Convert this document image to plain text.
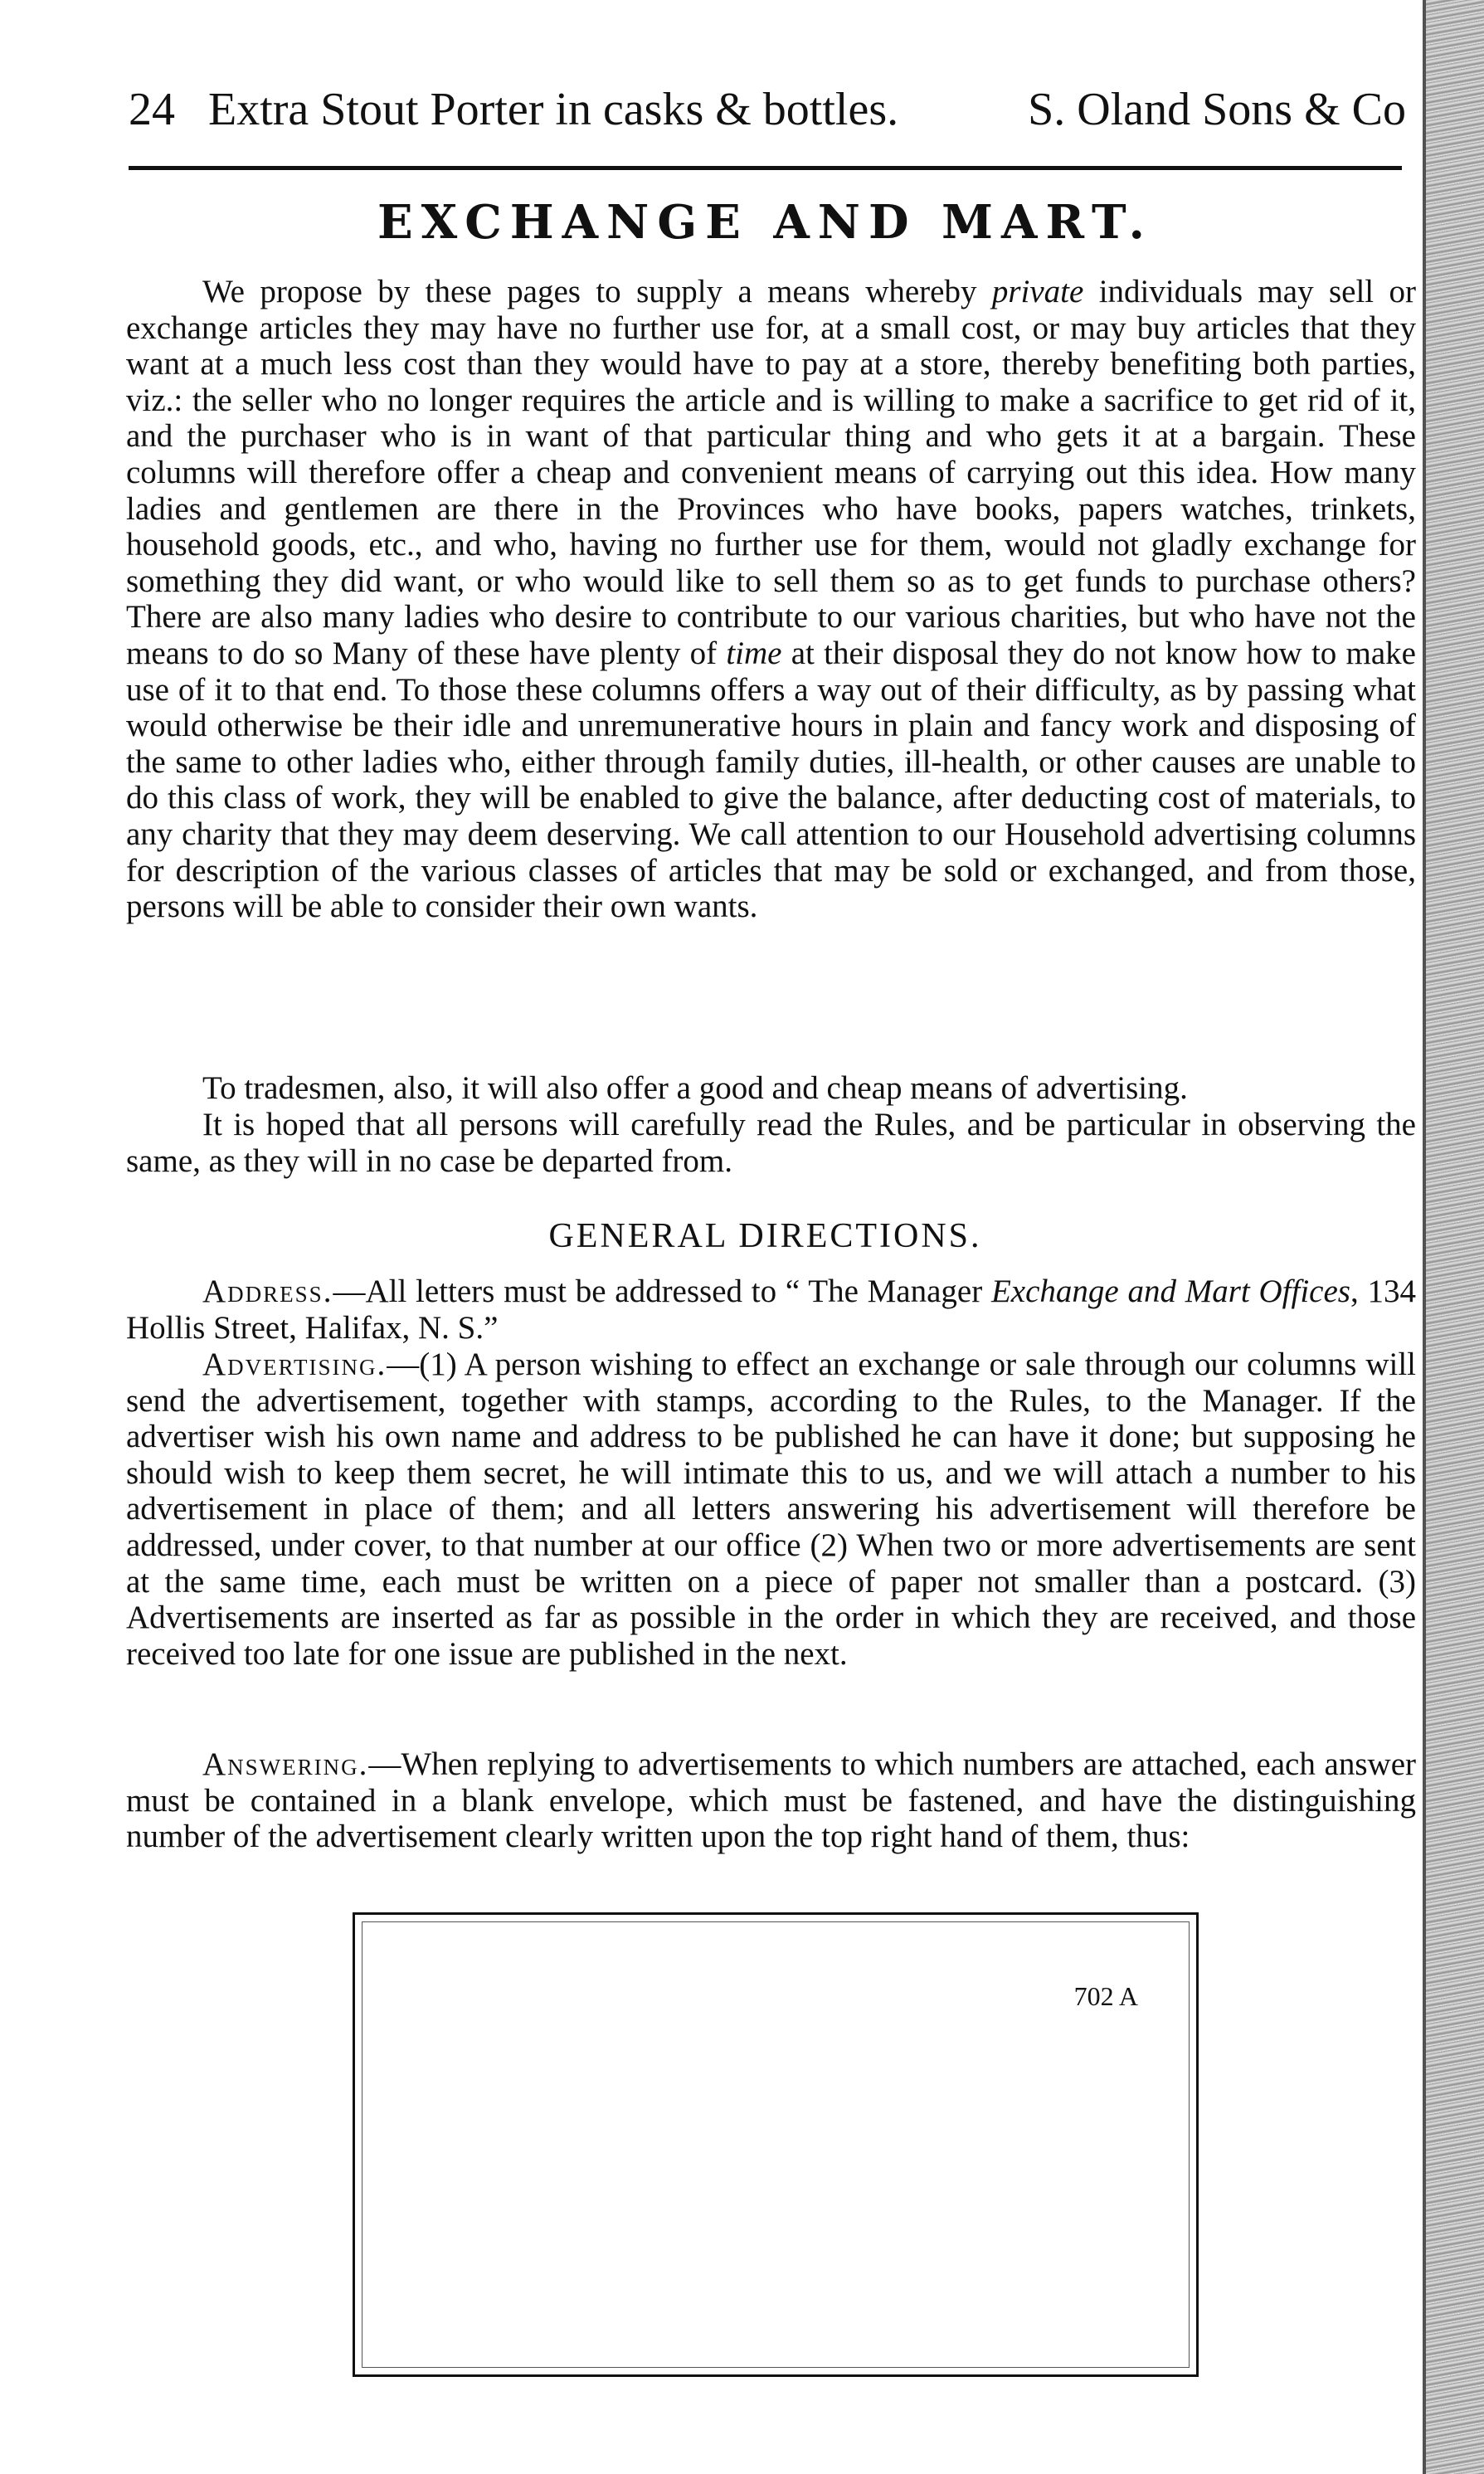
24 Extra Stout Porter in casks & bottles.	S. Oland Sons & Co
EXCHANGE AND MART.

We propose by these pages to supply a means whereby private individuals may sell or exchange articles they may have no further use for, at a small cost, or may buy articles that they want at a much less cost than they would have to pay at a store, thereby benefiting both parties, viz.: the seller who no longer requires the article and is willing to make a sacrifice to get rid of it, and the purchaser who is in want of that particular thing and who gets it at a bargain. These columns will therefore offer a cheap and convenient means of carrying out this idea. How many ladies and gentlemen are there in the Provinces who have books, papers watches, trinkets, household goods, etc., and who, having no further use for them, would not gladly exchange for something they did want, or who would like to sell them so as to get funds to purchase others? There are also many ladies who desire to contribute to our various charities, but who have not the means to do so Many of these have plenty of time at their disposal they do not know how to make use of it to that end. To those these columns offers a way out of their difficulty, as by passing what would otherwise be their idle and unremunerative hours in plain and fancy work and disposing of the same to other ladies who, either through family duties, ill-health, or other causes are unable to do this class of work, they will be enabled to give the balance, after deducting cost of materials, to any charity that they may deem deserving. We call attention to our Household advertising columns for description of the various classes of articles that may be sold or exchanged, and from those, persons will be able to consider their own wants.

To tradesmen, also, it will also offer a good and cheap means of advertising.

It is hoped that all persons will carefully read the Rules, and be particular in observing the same, as they will in no case be departed from.

GENERAL DIRECTIONS.

Address.—All letters must be addressed to “ The Manager Exchange and Mart Offices, 134 Hollis Street, Halifax, N. S.”

Advertising.—(1) A person wishing to effect an exchange or sale through our columns will send the advertisement, together with stamps, according to the Rules, to the Manager. If the advertiser wish his own name and address to be published he can have it done; but supposing he should wish to keep them secret, he will intimate this to us, and we will attach a number to his advertisement in place of them; and all letters answering his advertisement will therefore be addressed, under cover, to that number at our office (2) When two or more advertisements are sent at the same time, each must be written on a piece of paper not smaller than a postcard. (3) Advertisements are inserted as far as possible in the order in which they are received, and those received too late for one issue are published in the next.

Answering.—When replying to advertisements to which numbers are attached, each answer must be contained in a blank envelope, which must be fastened, and have the distinguishing number of the advertisement clearly written upon the top right hand of them, thus:

702 A
